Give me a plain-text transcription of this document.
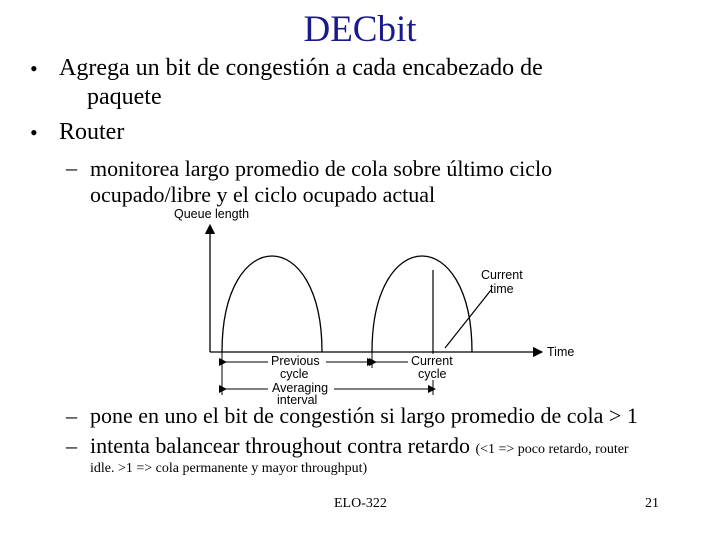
DECbit
• Agrega un bit de congestión a cada encabezado de
paquete
• Router
– monitorea largo promedio de cola sobre último ciclo
ocupado/libre y el ciclo ocupado actual
Queue length
Time
Current
time
Previous
cycle
Current
cycle
Averaging
interval
– pone en uno el bit de congestión si largo promedio de cola > 1
– intenta balancear throughout contra retardo (<1 => poco retardo, router
idle. >1 => cola permanente y mayor throughput)
ELO-322	21
